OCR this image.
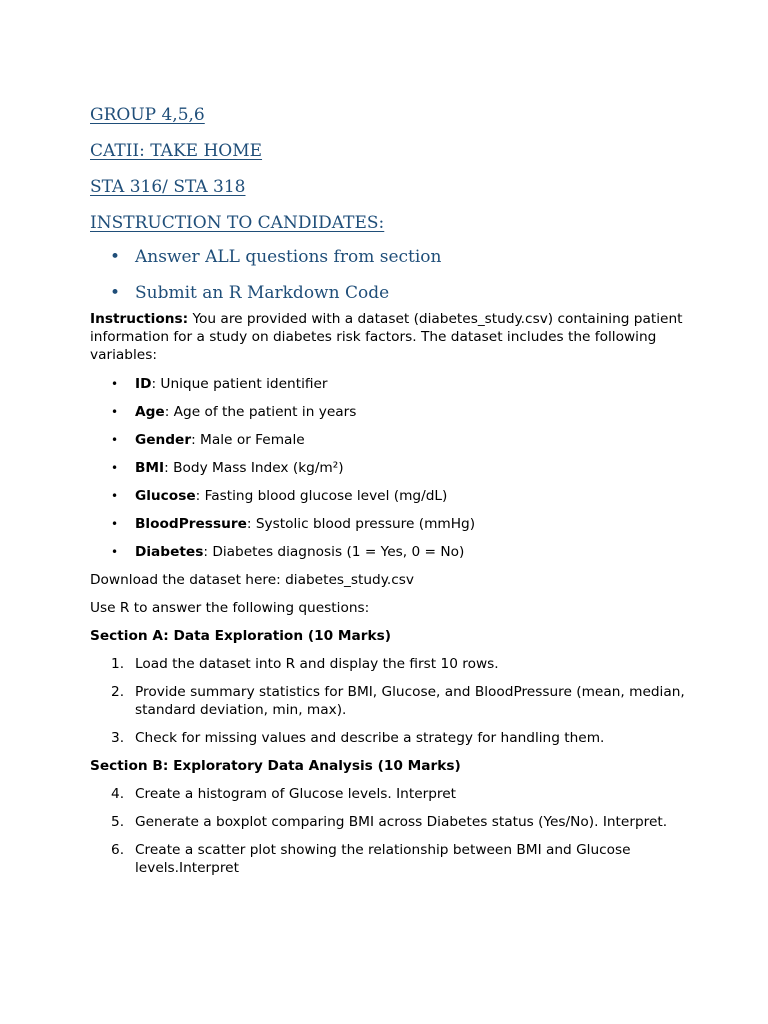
GROUP 4,5,6

CATII: TAKE HOME

STA 316/ STA 318

INSTRUCTION TO CANDIDATES:

• Answer ALL questions from section
• Submit an R Markdown Code

Instructions: You are provided with a dataset (diabetes_study.csv) containing patient information for a study on diabetes risk factors. The dataset includes the following variables:

• ID: Unique patient identifier
• Age: Age of the patient in years
• Gender: Male or Female
• BMI: Body Mass Index (kg/m²)
• Glucose: Fasting blood glucose level (mg/dL)
• BloodPressure: Systolic blood pressure (mmHg)
• Diabetes: Diabetes diagnosis (1 = Yes, 0 = No)

Download the dataset here: diabetes_study.csv

Use R to answer the following questions:

Section A: Data Exploration (10 Marks)

1. Load the dataset into R and display the first 10 rows.
2. Provide summary statistics for BMI, Glucose, and BloodPressure (mean, median, standard deviation, min, max).
3. Check for missing values and describe a strategy for handling them.

Section B: Exploratory Data Analysis (10 Marks)

4. Create a histogram of Glucose levels. Interpret
5. Generate a boxplot comparing BMI across Diabetes status (Yes/No). Interpret.
6. Create a scatter plot showing the relationship between BMI and Glucose levels.Interpret
